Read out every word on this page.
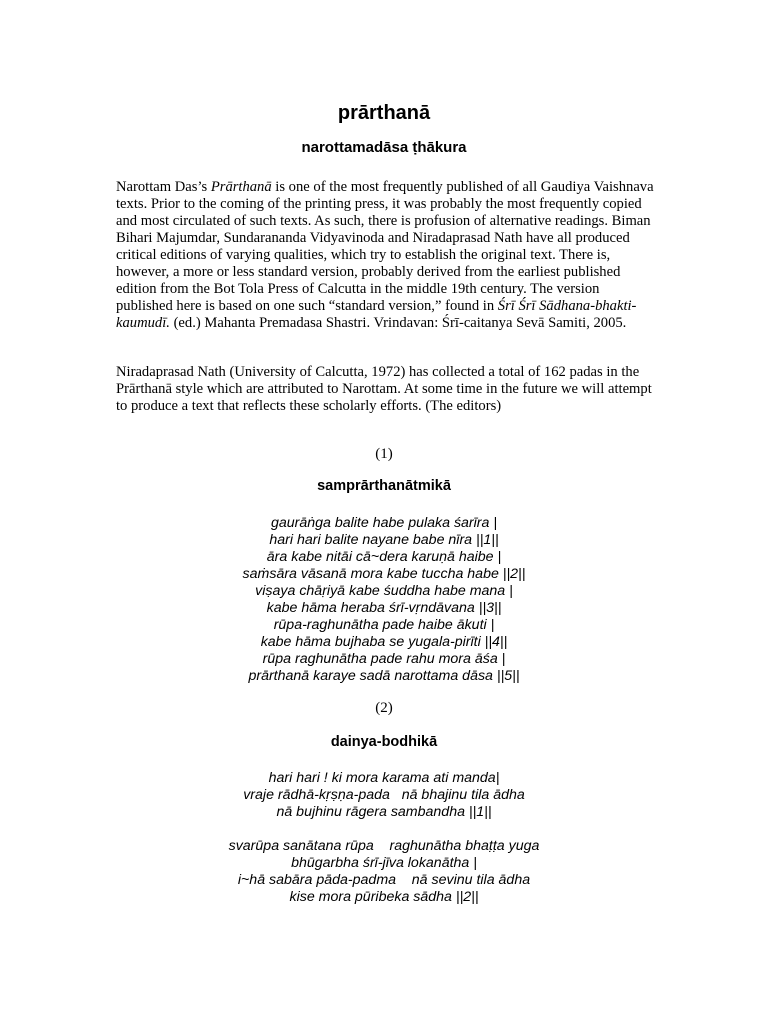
prārthanā
narottamadāsa ṭhākura
Narottam Das’s Prārthanā is one of the most frequently published of all Gaudiya Vaishnava texts. Prior to the coming of the printing press, it was probably the most frequently copied and most circulated of such texts. As such, there is profusion of alternative readings. Biman Bihari Majumdar, Sundarananda Vidyavinoda and Niradaprasad Nath have all produced critical editions of varying qualities, which try to establish the original text. There is, however, a more or less standard version, probably derived from the earliest published edition from the Bot Tola Press of Calcutta in the middle 19th century. The version published here is based on one such “standard version,” found in Śrī Śrī Sādhana-bhakti-kaumudī. (ed.) Mahanta Premadasa Shastri. Vrindavan: Śrī-caitanya Sevā Samiti, 2005.
Niradaprasad Nath (University of Calcutta, 1972) has collected a total of 162 padas in the Prārthanā style which are attributed to Narottam. At some time in the future we will attempt to produce a text that reflects these scholarly efforts. (The editors)
(1)
samprārthanātmikā
gaurāṅga balite habe pulaka śarīra |
hari hari balite nayane babe nīra ||1||
āra kabe nitāi cā~dera karuṇā haibe |
saṁsāra vāsanā mora kabe tuccha habe ||2||
viṣaya chāṛiyā kabe śuddha habe mana |
kabe hāma heraba śrī-vṛndāvana ||3||
rūpa-raghunātha pade haibe ākuti |
kabe hāma bujhaba se yugala-pirīti ||4||
rūpa raghunātha pade rahu mora āśa |
prārthanā karaye sadā narottama dāsa ||5||
(2)
dainya-bodhikā
hari hari ! ki mora karama ati manda|
vraje rādhā-kṛṣṇa-pada   nā bhajinu tila ādha
nā bujhinu rāgera sambandha ||1||
svarūpa sanātana rūpa    raghunātha bhaṭṭa yuga
bhūgarbha śrī-jīva lokanātha |
i~hā sabāra pāda-padma    nā sevinu tila ādha
kise mora pūribeka sādha ||2||
